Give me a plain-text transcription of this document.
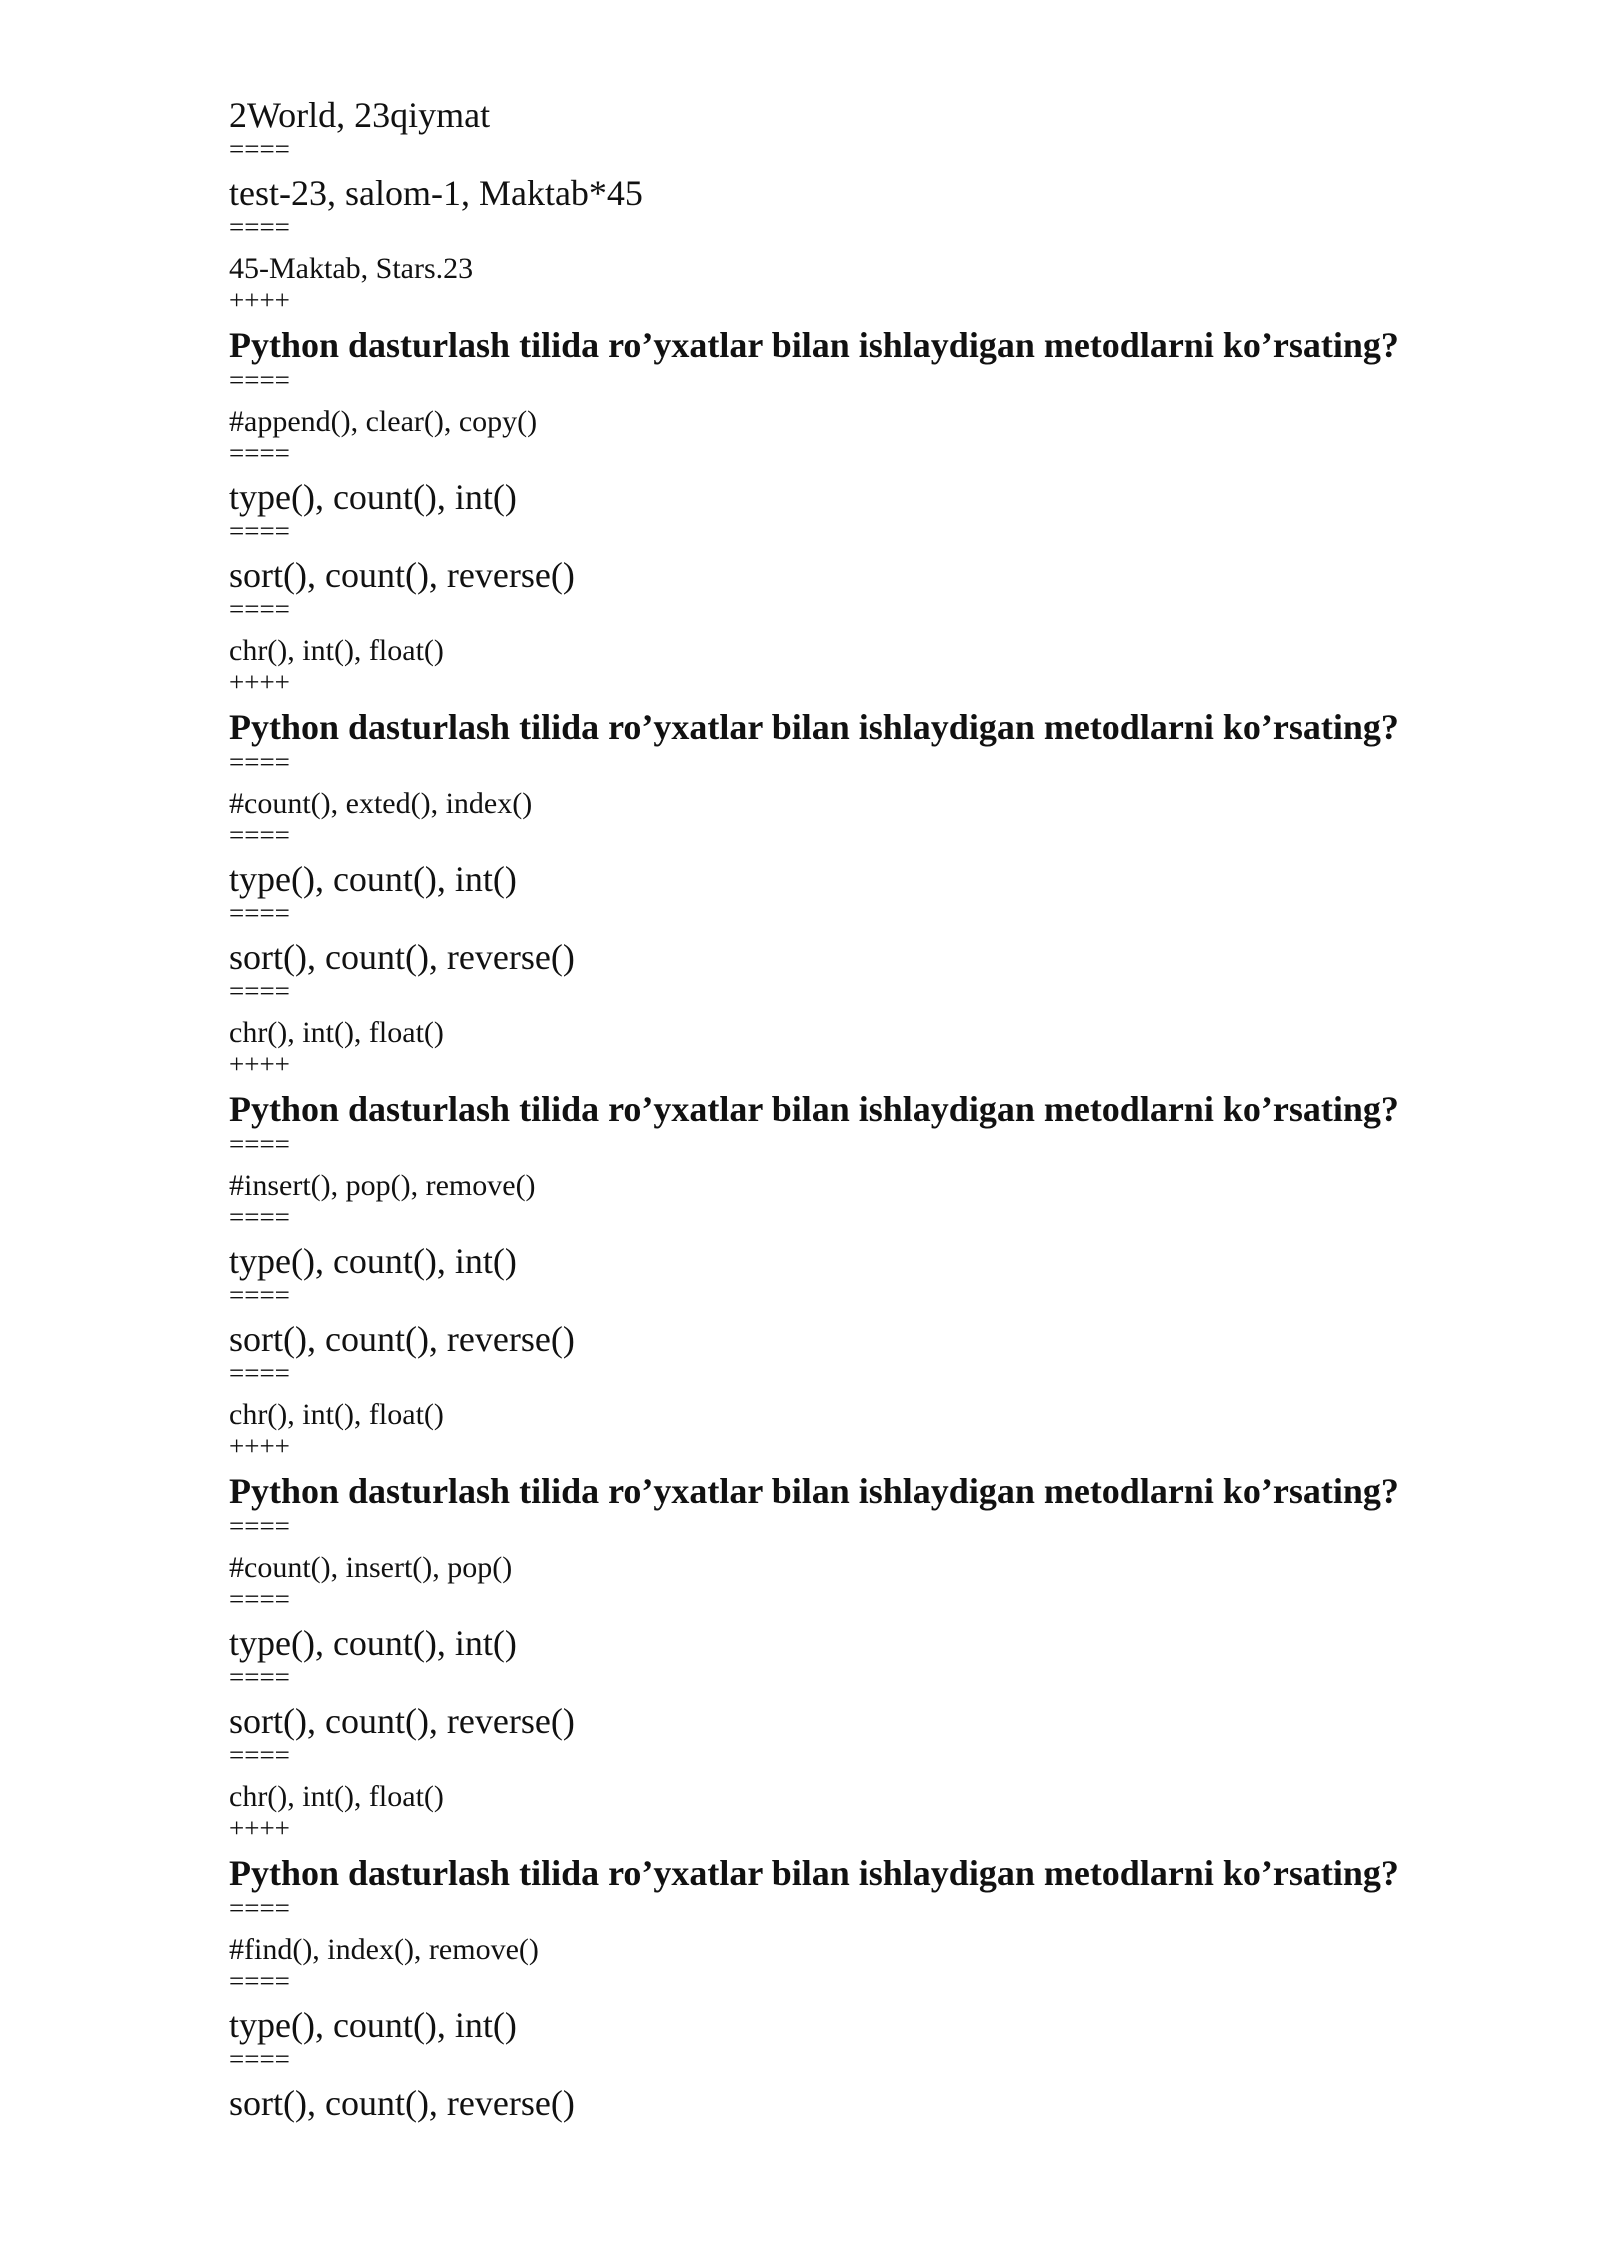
2World, 23qiymat
====
test-23, salom-1, Maktab*45
====
45-Maktab, Stars.23
++++
Python dasturlash tilida ro’yxatlar bilan ishlaydigan metodlarni ko’rsating?
====
#append(), clear(), copy()
====
type(), count(), int()
====
sort(), count(), reverse()
====
chr(), int(), float()
++++
Python dasturlash tilida ro’yxatlar bilan ishlaydigan metodlarni ko’rsating?
====
#count(), exted(), index()
====
type(), count(), int()
====
sort(), count(), reverse()
====
chr(), int(), float()
++++
Python dasturlash tilida ro’yxatlar bilan ishlaydigan metodlarni ko’rsating?
====
#insert(), pop(), remove()
====
type(), count(), int()
====
sort(), count(), reverse()
====
chr(), int(), float()
++++
Python dasturlash tilida ro’yxatlar bilan ishlaydigan metodlarni ko’rsating?
====
#count(), insert(), pop()
====
type(), count(), int()
====
sort(), count(), reverse()
====
chr(), int(), float()
++++
Python dasturlash tilida ro’yxatlar bilan ishlaydigan metodlarni ko’rsating?
====
#find(), index(), remove()
====
type(), count(), int()
====
sort(), count(), reverse()
